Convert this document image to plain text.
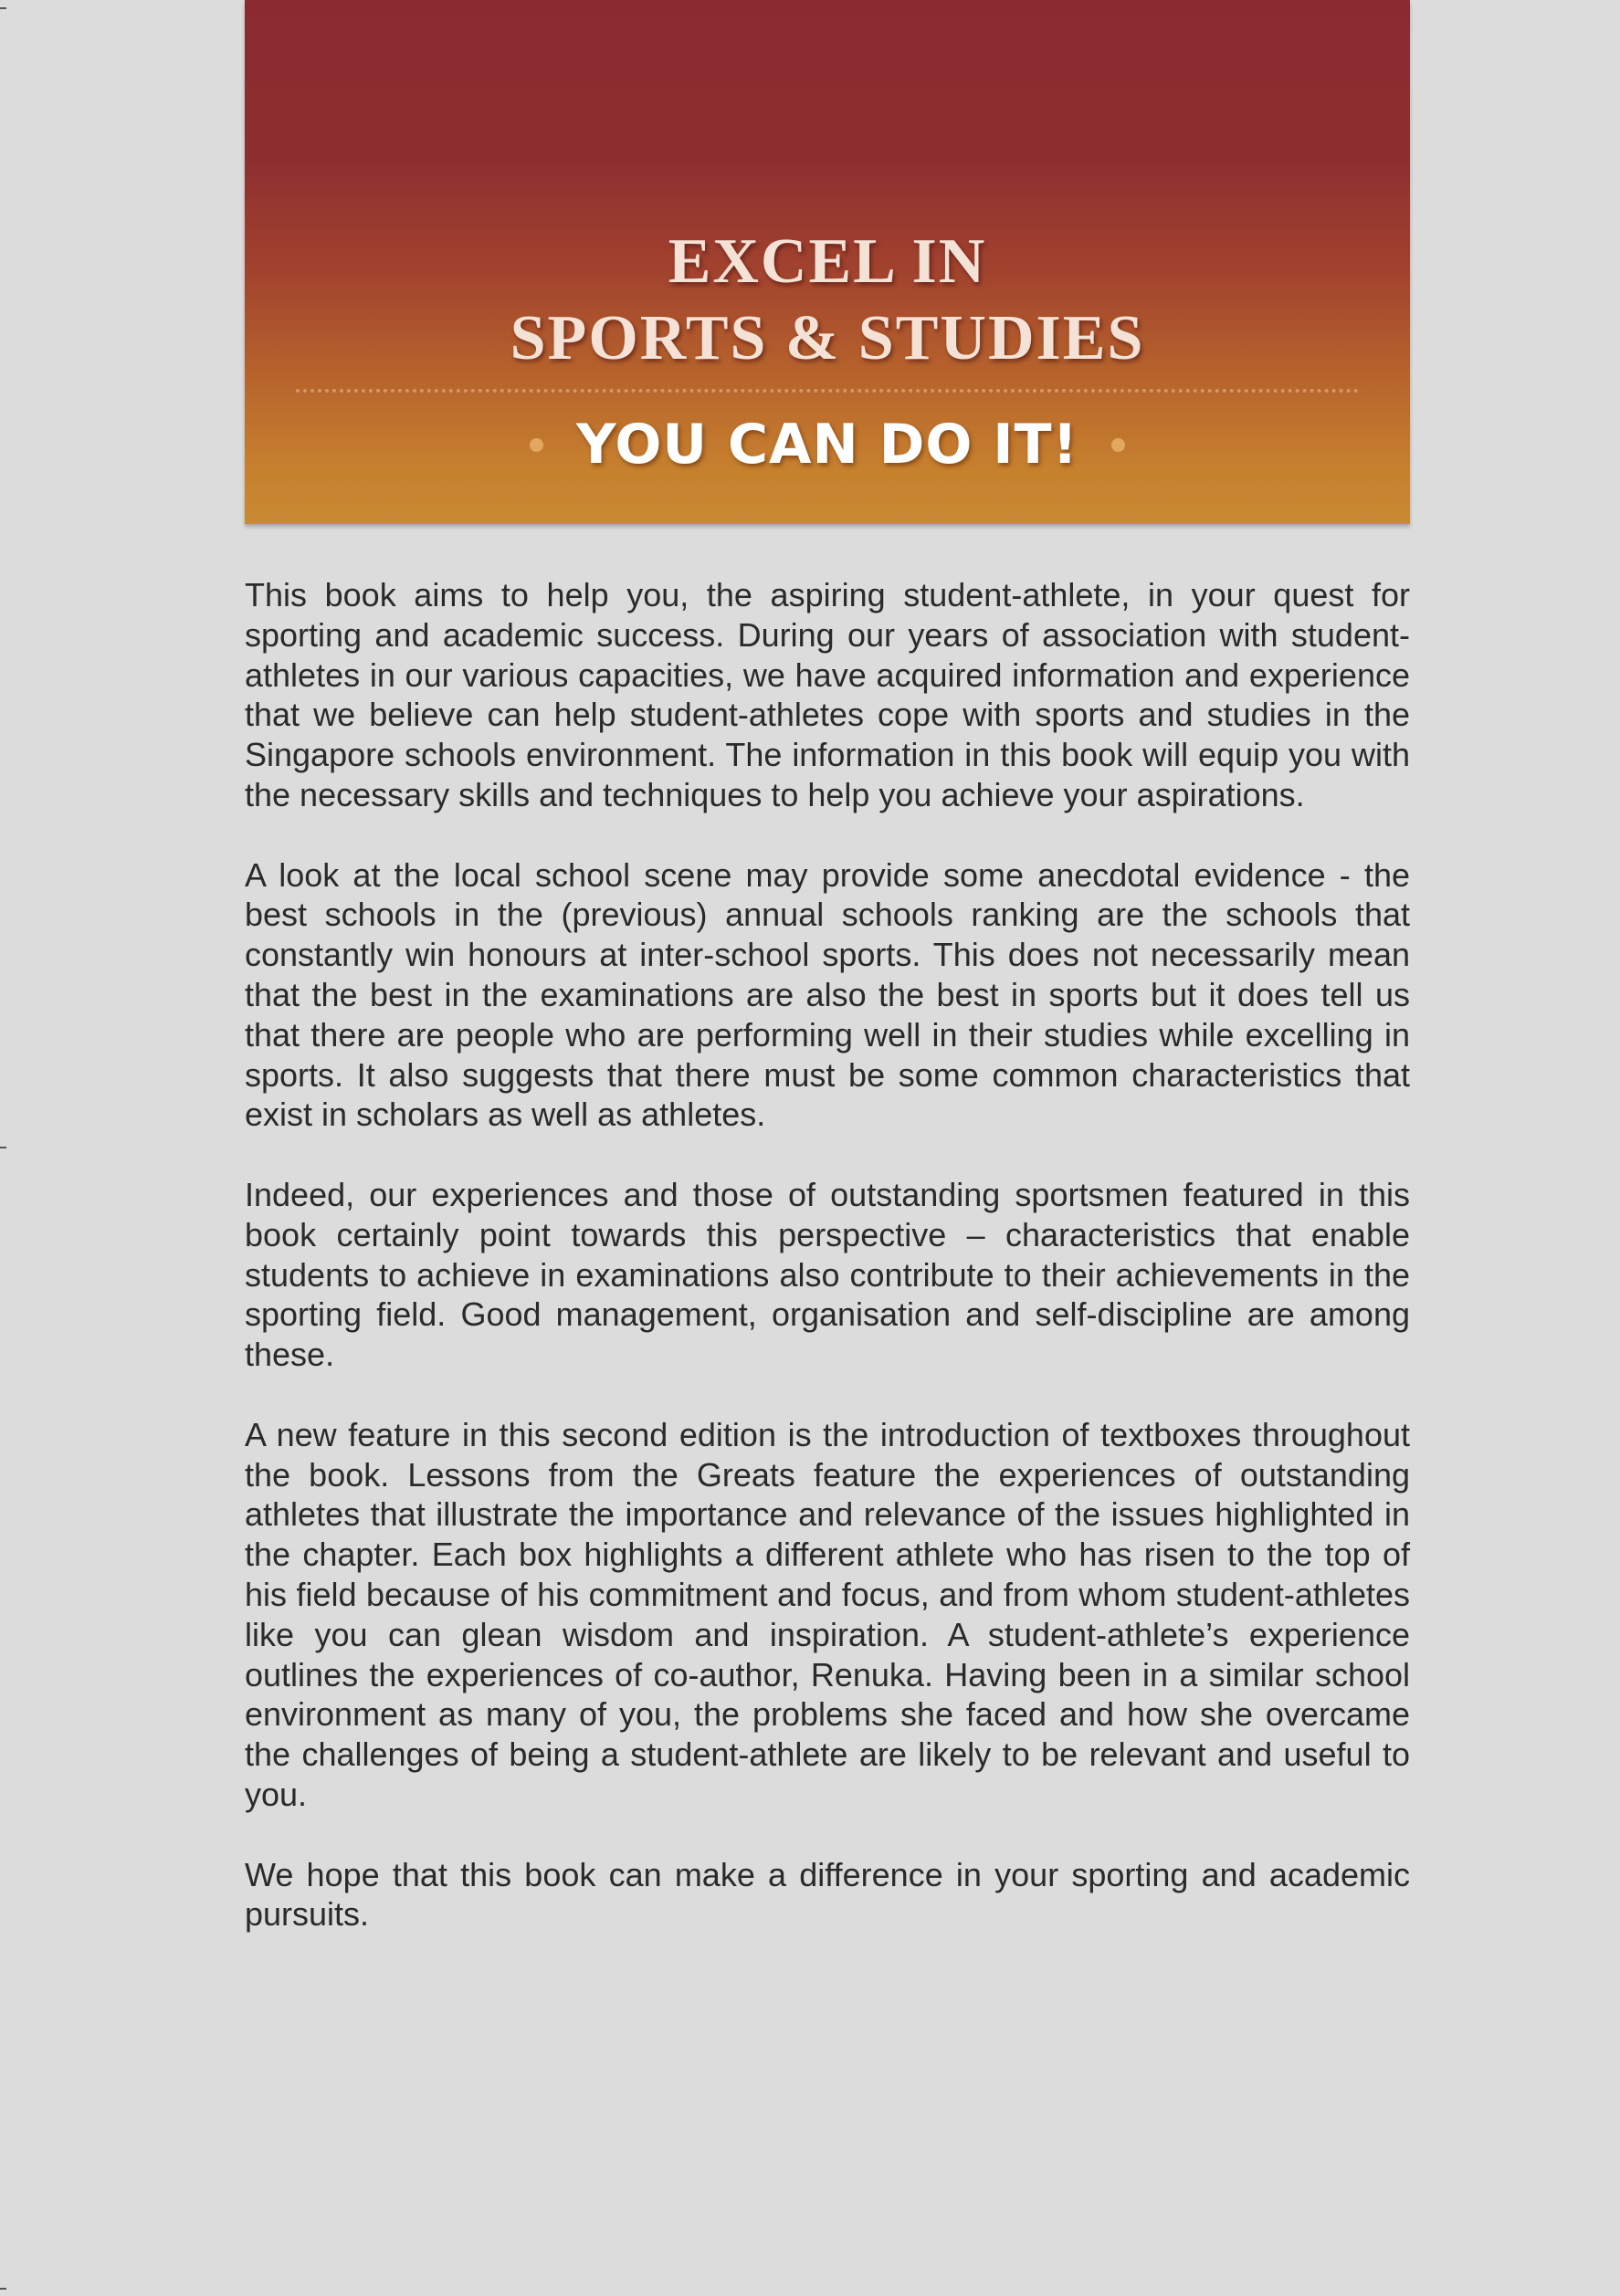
EXCEL IN
SPORTS & STUDIES
YOU CAN DO IT!

This book aims to help you, the aspiring student-athlete, in your quest for sporting and academic success. During our years of association with student-athletes in our various capacities, we have acquired information and experience that we believe can help student-athletes cope with sports and studies in the Singapore schools environment. The information in this book will equip you with the necessary skills and techniques to help you achieve your aspirations.

A look at the local school scene may provide some anecdotal evidence - the best schools in the (previous) annual schools ranking are the schools that constantly win honours at inter-school sports. This does not necessarily mean that the best in the examinations are also the best in sports but it does tell us that there are people who are performing well in their studies while excelling in sports. It also suggests that there must be some common characteristics that exist in scholars as well as athletes.

Indeed, our experiences and those of outstanding sportsmen featured in this book certainly point towards this perspective – characteristics that enable students to achieve in examinations also contribute to their achievements in the sporting field. Good management, organisation and self-discipline are among these.

A new feature in this second edition is the introduction of textboxes throughout the book. Lessons from the Greats feature the experiences of outstanding athletes that illustrate the importance and relevance of the issues highlighted in the chapter. Each box highlights a different athlete who has risen to the top of his field because of his commitment and focus, and from whom student-athletes like you can glean wisdom and inspiration. A student-athlete’s experience outlines the experiences of co-author, Renuka. Having been in a similar school environment as many of you, the problems she faced and how she overcame the challenges of being a student-athlete are likely to be relevant and useful to you.

We hope that this book can make a difference in your sporting and academic pursuits.
